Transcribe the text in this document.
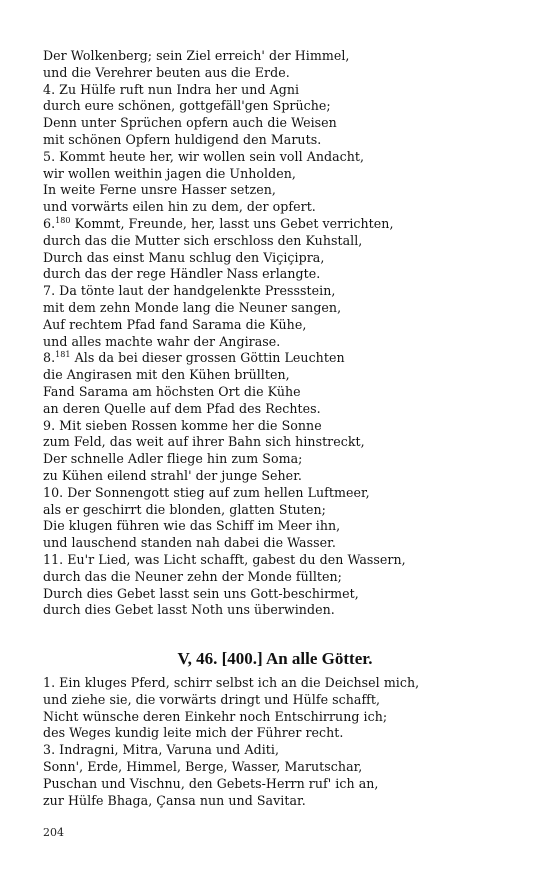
Der Wolkenberg; sein Ziel erreich' der Himmel,
und die Verehrer beuten aus die Erde.
4. Zu Hülfe ruft nun Indra her und Agni
durch eure schönen, gottgefäll'gen Sprüche;
Denn unter Sprüchen opfern auch die Weisen
mit schönen Opfern huldigend den Maruts.
5. Kommt heute her, wir wollen sein voll Andacht,
wir wollen weithin jagen die Unholden,
In weite Ferne unsre Hasser setzen,
und vorwärts eilen hin zu dem, der opfert.
6.$^{180}$ Kommt, Freunde, her, lasst uns Gebet verrichten,
durch das die Mutter sich erschloss den Kuhstall,
Durch das einst Manu schlug den Viçiçipra,
durch das der rege Händler Nass erlangte.
7. Da tönte laut der handgelenkte Pressstein,
mit dem zehn Monde lang die Neuner sangen,
Auf rechtem Pfad fand Sarama die Kühe,
und alles machte wahr der Angirase.
8.$^{181}$ Als da bei dieser grossen Göttin Leuchten
die Angirasen mit den Kühen brüllten,
Fand Sarama am höchsten Ort die Kühe
an deren Quelle auf dem Pfad des Rechtes.
9. Mit sieben Rossen komme her die Sonne
zum Feld, das weit auf ihrer Bahn sich hinstreckt,
Der schnelle Adler fliege hin zum Soma;
zu Kühen eilend strahl' der junge Seher.
10. Der Sonnengott stieg auf zum hellen Luftmeer,
als er geschirrt die blonden, glatten Stuten;
Die klugen führen wie das Schiff im Meer ihn,
und lauschend standen nah dabei die Wasser.
11. Eu'r Lied, was Licht schafft, gabest du den Wassern,
durch das die Neuner zehn der Monde füllten;
Durch dies Gebet lasst sein uns Gott-beschirmet,
durch dies Gebet lasst Noth uns überwinden.
V, 46. [400.] An alle Götter.
1. Ein kluges Pferd, schirr selbst ich an die Deichsel mich,
und ziehe sie, die vorwärts dringt und Hülfe schafft,
Nicht wünsche deren Einkehr noch Entschirrung ich;
des Weges kundig leite mich der Führer recht.
3. Indragni, Mitra, Varuna und Aditi,
Sonn', Erde, Himmel, Berge, Wasser, Marutschar,
Puschan und Vischnu, den Gebets-Herrn ruf' ich an,
zur Hülfe Bhaga, Çansa nun und Savitar.
204
